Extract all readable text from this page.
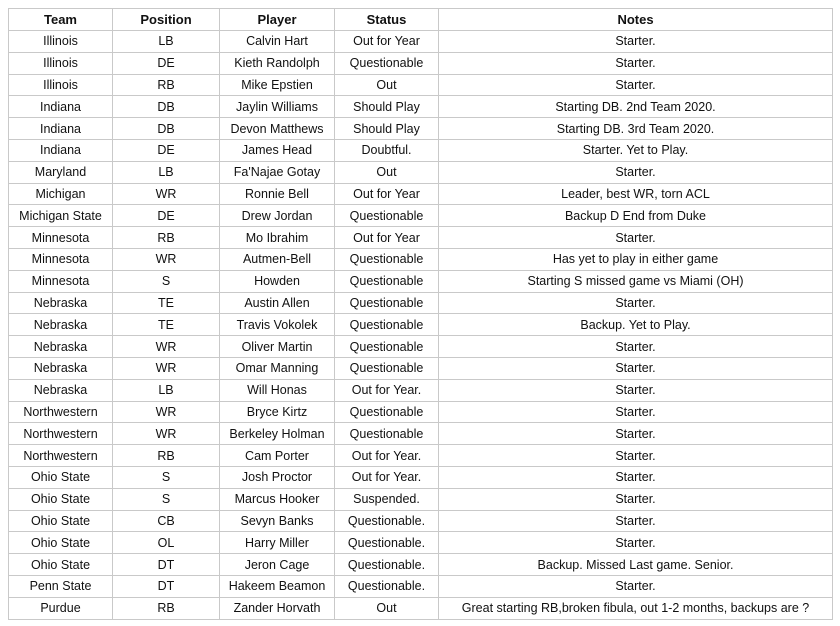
Team	Position	Player	Status	Notes
Illinois	LB	Calvin Hart	Out for Year	Starter.
Illinois	DE	Kieth Randolph	Questionable	Starter.
Illinois	RB	Mike Epstien	Out	Starter.
Indiana	DB	Jaylin Williams	Should Play	Starting DB. 2nd Team 2020.
Indiana	DB	Devon Matthews	Should Play	Starting DB. 3rd Team 2020.
Indiana	DE	James Head	Doubtful.	Starter. Yet to Play.
Maryland	LB	Fa'Najae Gotay	Out	Starter.
Michigan	WR	Ronnie Bell	Out for Year	Leader, best WR, torn ACL
Michigan State	DE	Drew Jordan	Questionable	Backup D End from Duke
Minnesota	RB	Mo Ibrahim	Out for Year	Starter.
Minnesota	WR	Autmen-Bell	Questionable	Has yet to play in either game
Minnesota	S	Howden	Questionable	Starting S missed game vs Miami (OH)
Nebraska	TE	Austin Allen	Questionable	Starter.
Nebraska	TE	Travis Vokolek	Questionable	Backup. Yet to Play.
Nebraska	WR	Oliver Martin	Questionable	Starter.
Nebraska	WR	Omar Manning	Questionable	Starter.
Nebraska	LB	Will Honas	Out for Year.	Starter.
Northwestern	WR	Bryce Kirtz	Questionable	Starter.
Northwestern	WR	Berkeley Holman	Questionable	Starter.
Northwestern	RB	Cam Porter	Out for Year.	Starter.
Ohio State	S	Josh Proctor	Out for Year.	Starter.
Ohio State	S	Marcus Hooker	Suspended.	Starter.
Ohio State	CB	Sevyn Banks	Questionable.	Starter.
Ohio State	OL	Harry Miller	Questionable.	Starter.
Ohio State	DT	Jeron Cage	Questionable.	Backup. Missed Last game. Senior.
Penn State	DT	Hakeem Beamon	Questionable.	Starter.
Purdue	RB	Zander Horvath	Out	Great starting RB,broken fibula, out 1-2 months, backups are ?
